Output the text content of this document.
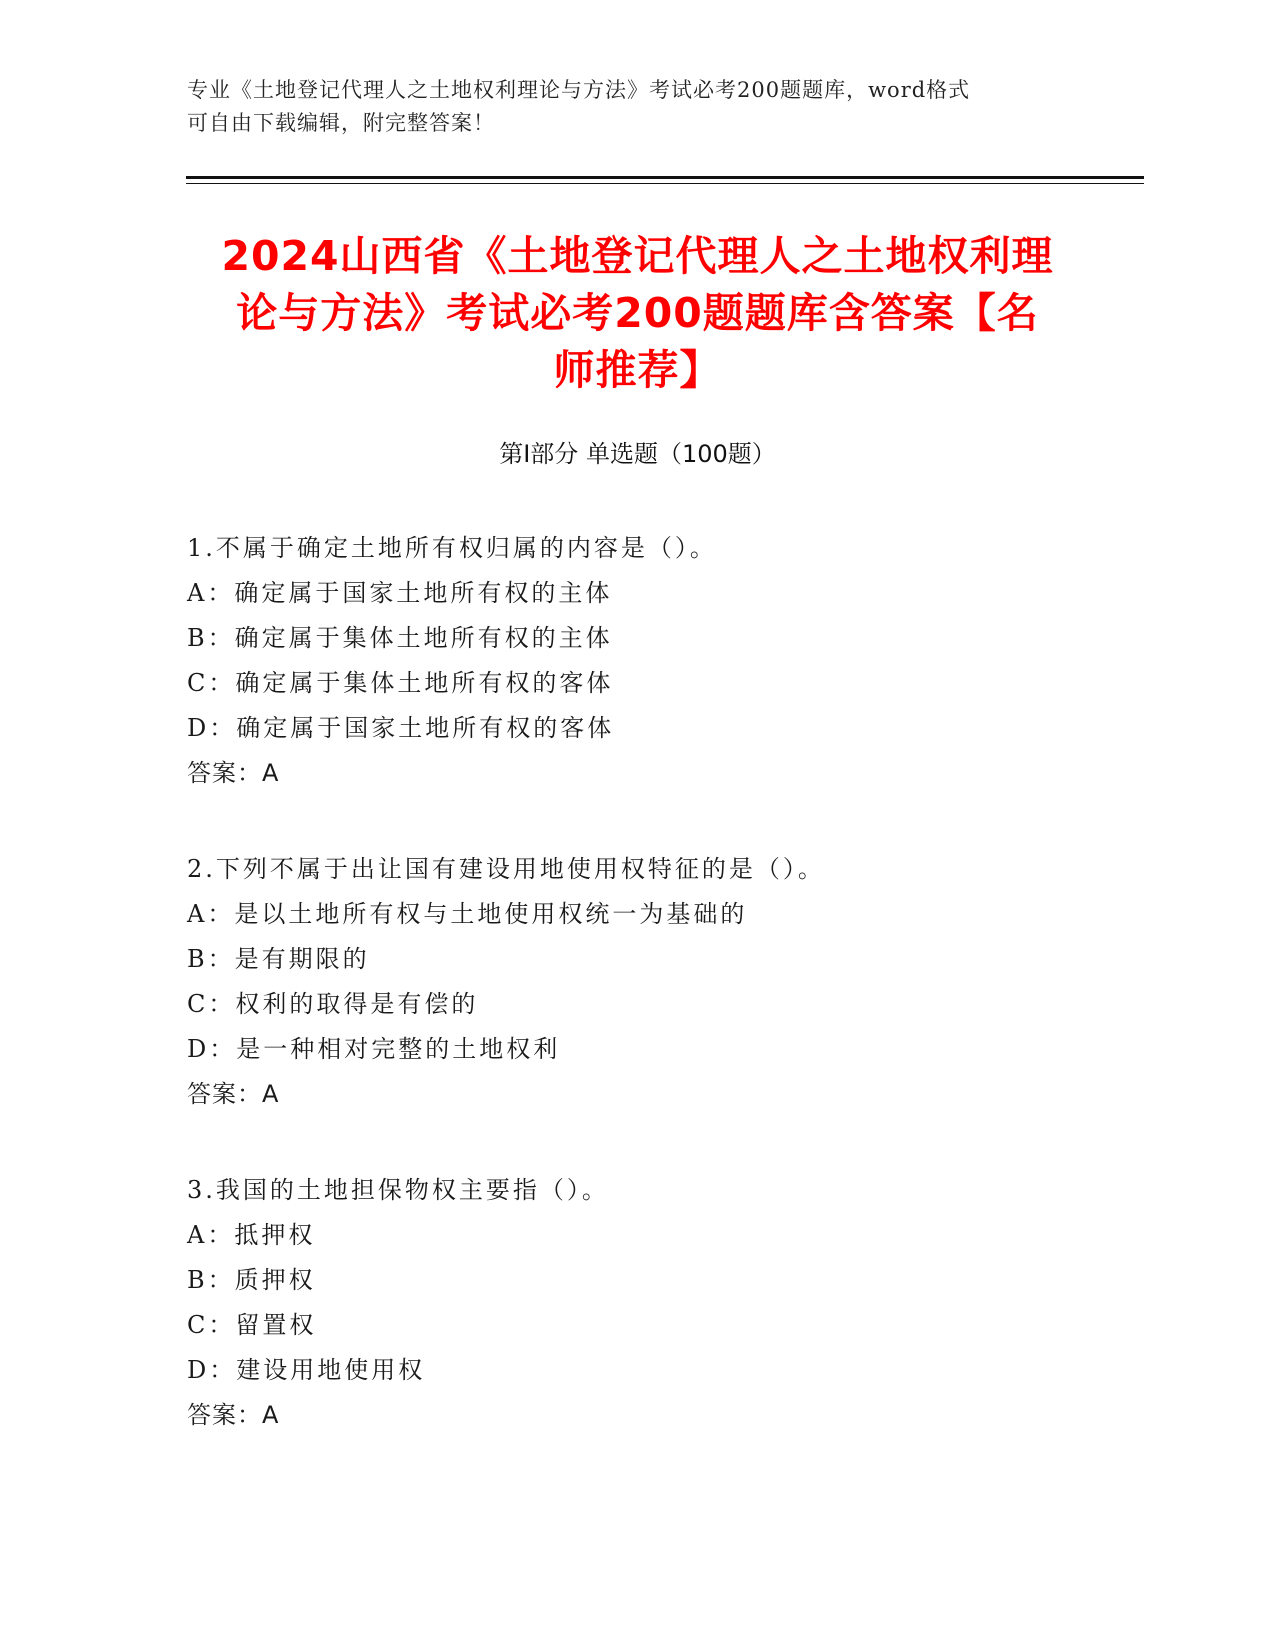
专业《土地登记代理人之土地权利理论与方法》考试必考200题题库，word格式
可自由下载编辑，附完整答案！
2024山西省《土地登记代理人之土地权利理
论与方法》考试必考200题题库含答案【名
师推荐】
第I部分 单选题（100题）
1.不属于确定土地所有权归属的内容是（）。
A：确定属于国家土地所有权的主体
B：确定属于集体土地所有权的主体
C：确定属于集体土地所有权的客体
D：确定属于国家土地所有权的客体
答案：A
2.下列不属于出让国有建设用地使用权特征的是（）。
A：是以土地所有权与土地使用权统一为基础的
B：是有期限的
C：权利的取得是有偿的
D：是一种相对完整的土地权利
答案：A
3.我国的土地担保物权主要指（）。
A：抵押权
B：质押权
C：留置权
D：建设用地使用权
答案：A
